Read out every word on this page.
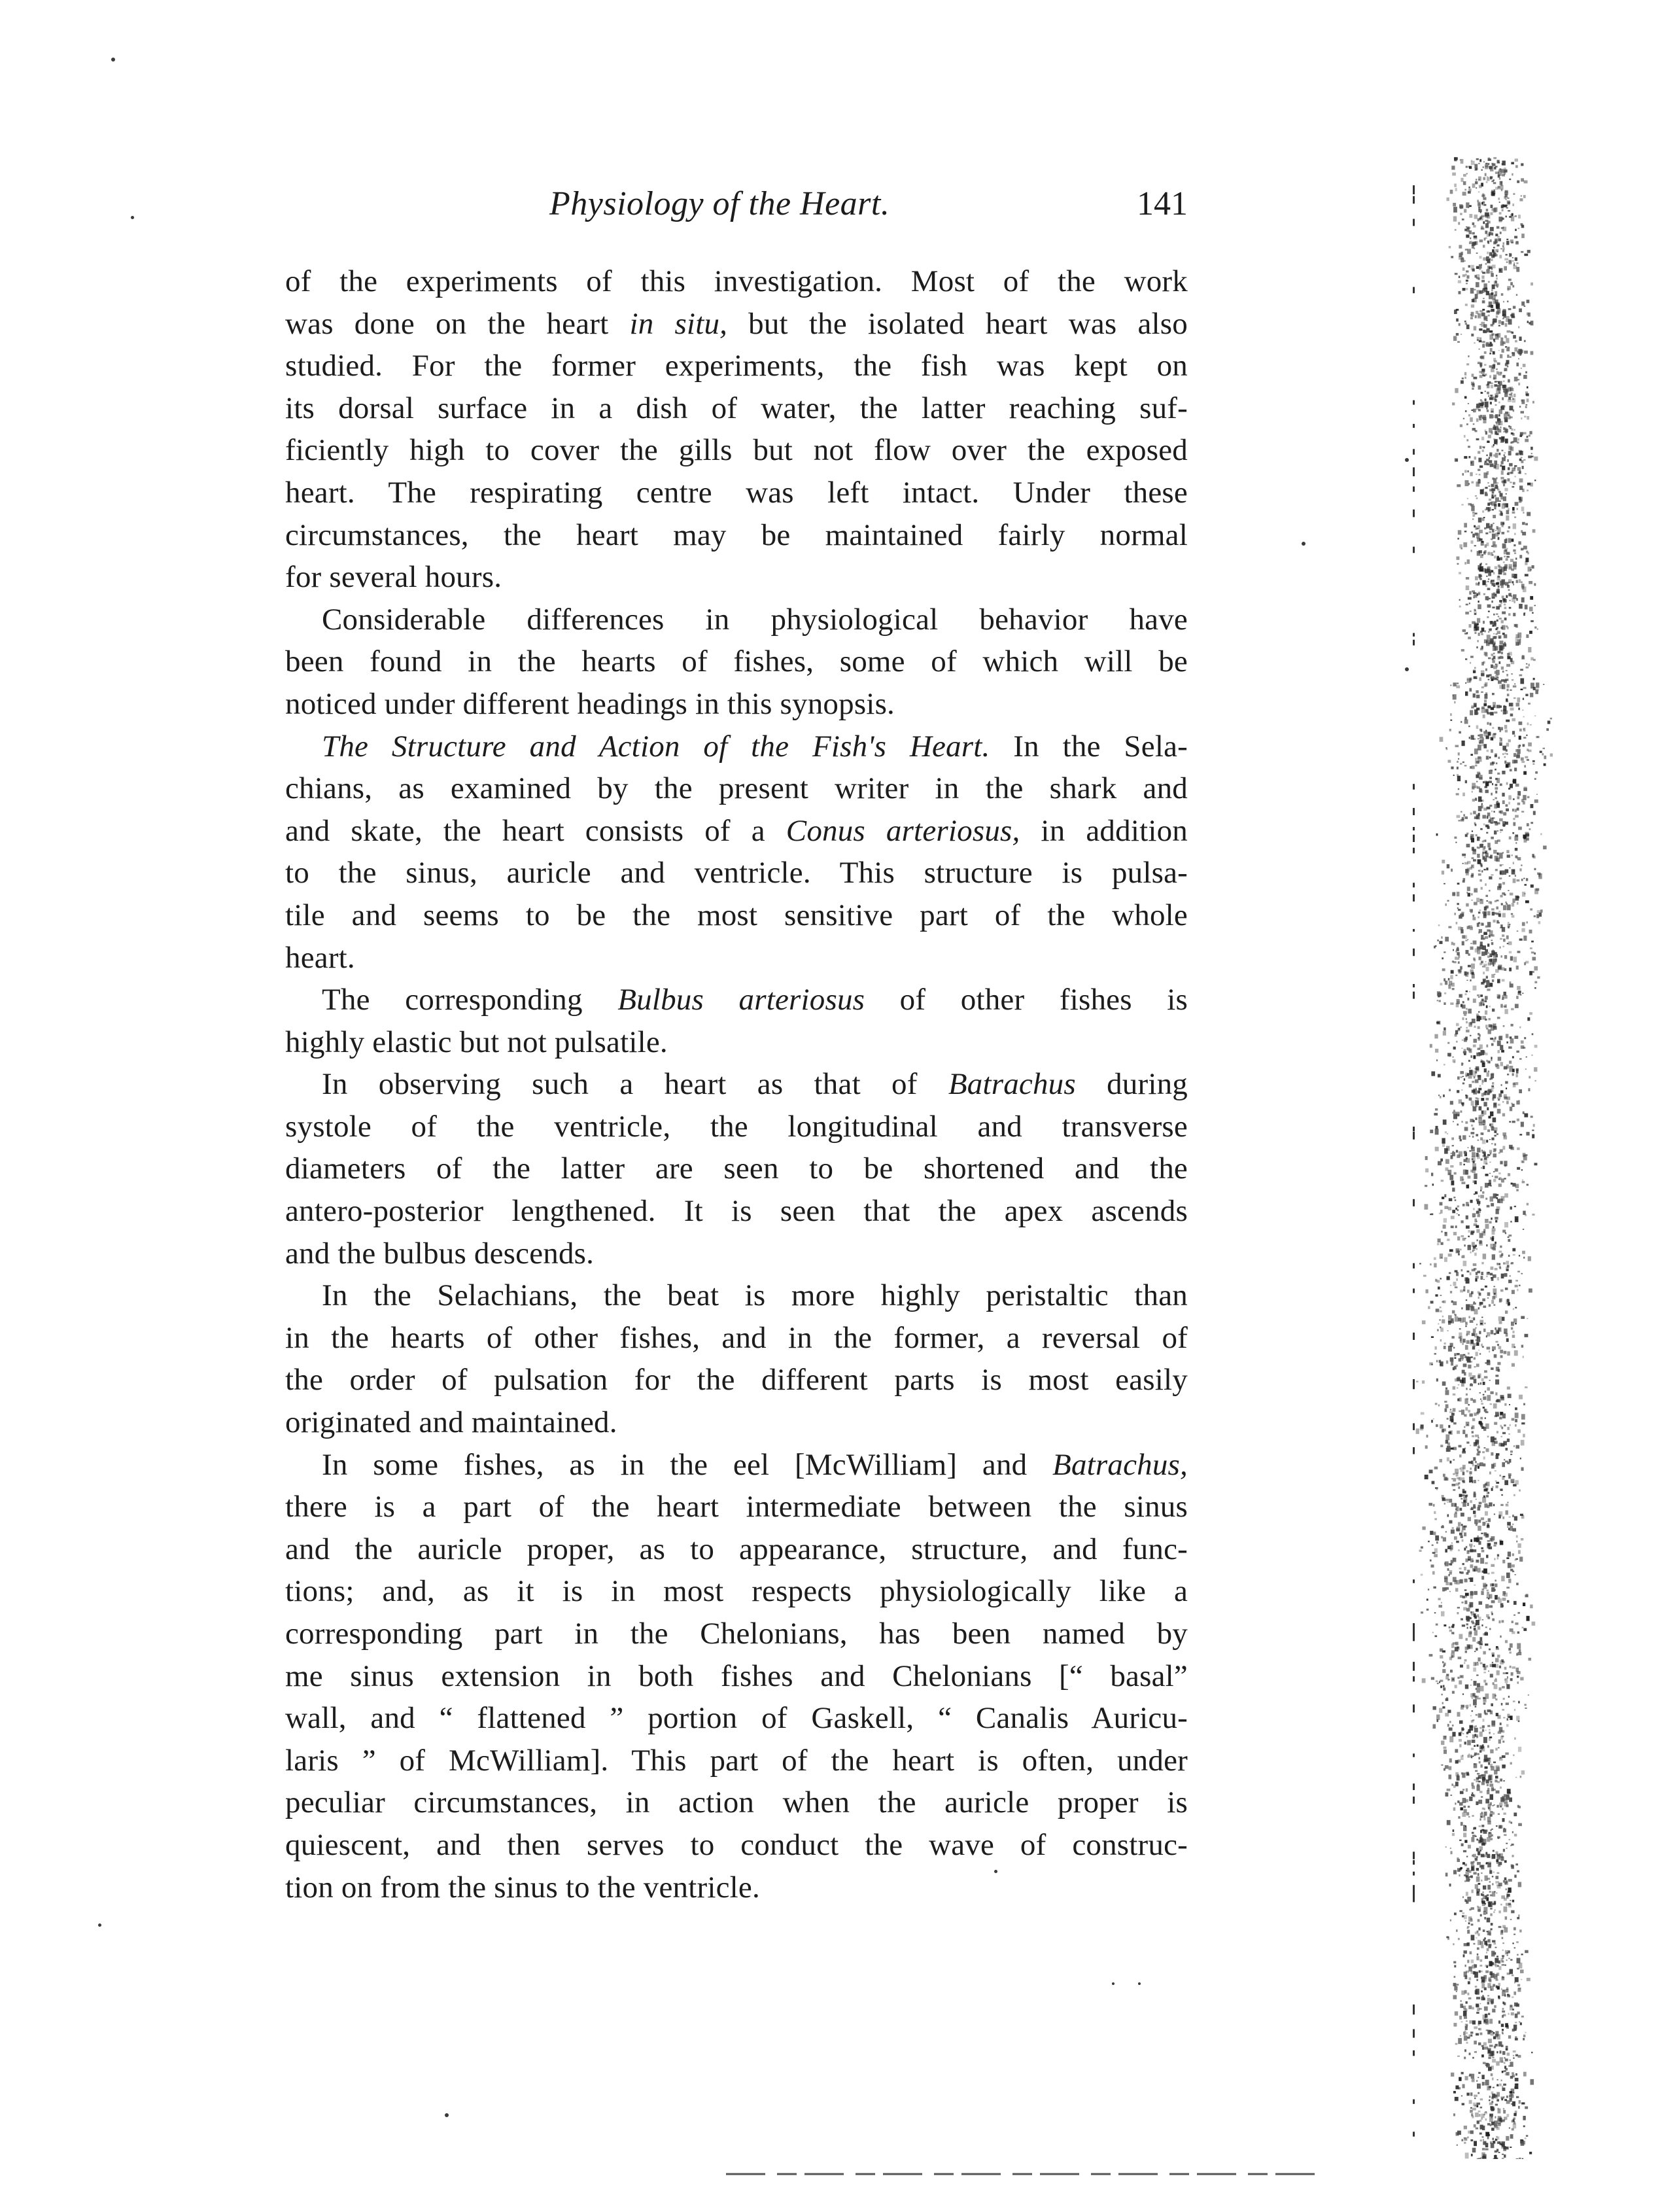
Physiology of the Heart.	141
of the experiments of this investigation. Most of the work
was done on the heart in situ, but the isolated heart was also
studied. For the former experiments, the fish was kept on
its dorsal surface in a dish of water, the latter reaching suf-
ficiently high to cover the gills but not flow over the exposed
heart. The respirating centre was left intact. Under these
circumstances, the heart may be maintained fairly normal
for several hours.
Considerable differences in physiological behavior have
been found in the hearts of fishes, some of which will be
noticed under different headings in this synopsis.
The Structure and Action of the Fish's Heart. In the Sela-
chians, as examined by the present writer in the shark and
and skate, the heart consists of a Conus arteriosus, in addition
to the sinus, auricle and ventricle. This structure is pulsa-
tile and seems to be the most sensitive part of the whole
heart.
The corresponding Bulbus arteriosus of other fishes is
highly elastic but not pulsatile.
In observing such a heart as that of Batrachus during
systole of the ventricle, the longitudinal and transverse
diameters of the latter are seen to be shortened and the
antero-posterior lengthened. It is seen that the apex ascends
and the bulbus descends.
In the Selachians, the beat is more highly peristaltic than
in the hearts of other fishes, and in the former, a reversal of
the order of pulsation for the different parts is most easily
originated and maintained.
In some fishes, as in the eel [McWilliam] and Batrachus,
there is a part of the heart intermediate between the sinus
and the auricle proper, as to appearance, structure, and func-
tions; and, as it is in most respects physiologically like a
corresponding part in the Chelonians, has been named by
me sinus extension in both fishes and Chelonians [“ basal”
wall, and “ flattened ” portion of Gaskell, “ Canalis Auricu-
laris ” of McWilliam]. This part of the heart is often, under
peculiar circumstances, in action when the auricle proper is
quiescent, and then serves to conduct the wave of construc-
tion on from the sinus to the ventricle.
